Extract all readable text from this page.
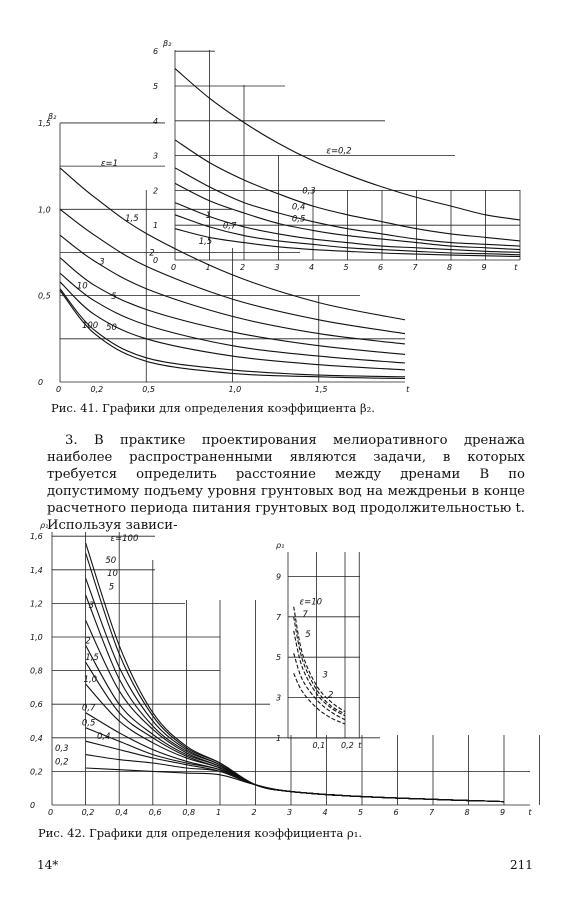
0	0,2	0,5	1,0	1,5	t
0
0,5
1,0
1,5
β₂
ε=1
1,5
2
3
5
10
50
100
0	1	2	3	4	5	6	7	8	9	t
0
1
2
3
4
5
6
β₂
ε=0,2
0,3
0,4
0,5
0,7
1
1,5
0	0,2	0,4	0,6	0,8	1	2	3	4	5	6	7	8	9	t
0
0,2
0,4
0,6
0,8
1,0
1,2
1,4
1,6
ρ₁
ε=100
50
10
5
3
2
1,5
1,0
0,7
0,5
0,4
0,3
0,2
0,1 0,2 t
1
3
5
7
9
ρ₁
ε=10
7
5
3
2
Рис. 41. Графики для определения коэффициента β₂.

3. В практике проектирования мелиоративного дренажа наиболее распространенными являются задачи, в которых требуется определить расстояние между дренами B по допустимому подъему уровня грунтовых вод на междреньи в конце расчетного периода питания грунтовых вод продолжительностью t. Используя зависи-

Рис. 42. Графики для определения коэффициента ρ₁.
14*	211
